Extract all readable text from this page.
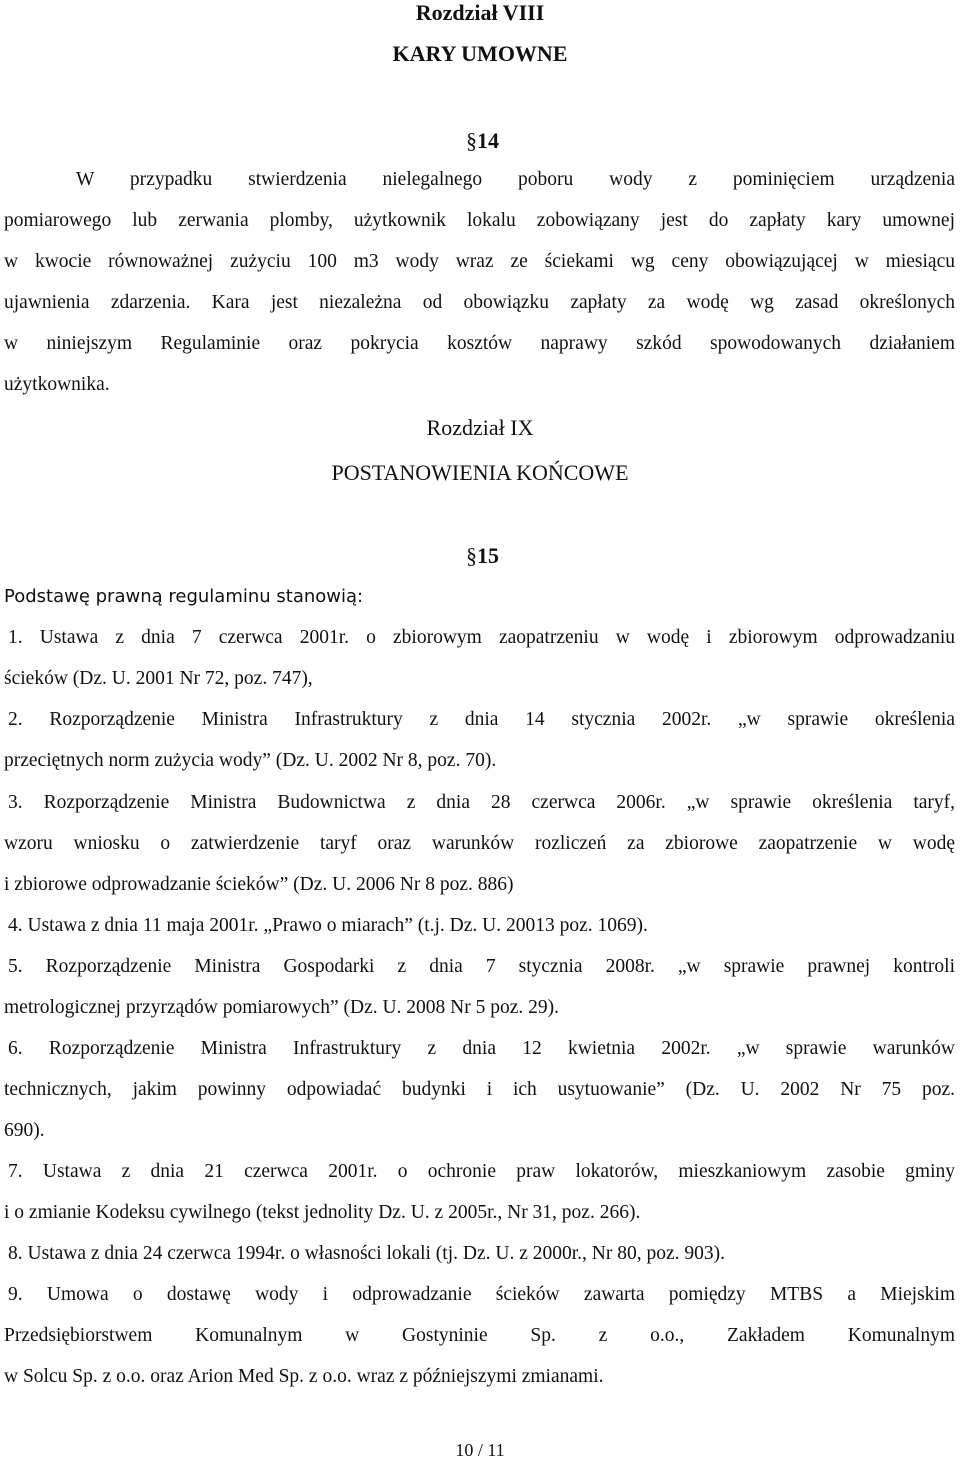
Rozdział VIII
KARY UMOWNE
§14
W przypadku stwierdzenia nielegalnego poboru wody z pominięciem urządzenia
pomiarowego lub zerwania plomby, użytkownik lokalu zobowiązany jest do zapłaty kary umownej
w kwocie równoważnej zużyciu 100 m3 wody wraz ze ściekami wg ceny obowiązującej w miesiącu
ujawnienia zdarzenia. Kara jest niezależna od obowiązku zapłaty za wodę wg zasad określonych
w niniejszym Regulaminie oraz pokrycia kosztów naprawy szkód spowodowanych działaniem
użytkownika.
Rozdział IX
POSTANOWIENIA KOŃCOWE
§15
Podstawę prawną regulaminu stanowią:
1. Ustawa z dnia 7 czerwca 2001r. o zbiorowym zaopatrzeniu w wodę i zbiorowym odprowadzaniu
ścieków (Dz. U. 2001 Nr 72, poz. 747),
2. Rozporządzenie Ministra Infrastruktury z dnia 14 stycznia 2002r. „w sprawie określenia
przeciętnych norm zużycia wody” (Dz. U. 2002 Nr 8, poz. 70).
3. Rozporządzenie Ministra Budownictwa z dnia 28 czerwca 2006r. „w sprawie określenia taryf,
wzoru wniosku o zatwierdzenie taryf oraz warunków rozliczeń za zbiorowe zaopatrzenie w wodę
i zbiorowe odprowadzanie ścieków” (Dz. U. 2006 Nr 8 poz. 886)
4. Ustawa z dnia 11 maja 2001r. „Prawo o miarach” (t.j. Dz. U. 20013 poz. 1069).
5. Rozporządzenie Ministra Gospodarki z dnia 7 stycznia 2008r. „w sprawie prawnej kontroli
metrologicznej przyrządów pomiarowych” (Dz. U. 2008 Nr 5 poz. 29).
6. Rozporządzenie Ministra Infrastruktury z dnia 12 kwietnia 2002r. „w sprawie warunków
technicznych, jakim powinny odpowiadać budynki i ich usytuowanie” (Dz. U. 2002 Nr 75 poz.
690).
7. Ustawa z dnia 21 czerwca 2001r. o ochronie praw lokatorów, mieszkaniowym zasobie gminy
i o zmianie Kodeksu cywilnego (tekst jednolity Dz. U. z 2005r., Nr 31, poz. 266).
8. Ustawa z dnia 24 czerwca 1994r. o własności lokali (tj. Dz. U. z 2000r., Nr 80, poz. 903).
9. Umowa o dostawę wody i odprowadzanie ścieków zawarta pomiędzy MTBS a Miejskim
Przedsiębiorstwem Komunalnym w Gostyninie Sp. z o.o., Zakładem Komunalnym
w Solcu Sp. z o.o. oraz Arion Med Sp. z o.o. wraz z późniejszymi zmianami.
10 / 11
